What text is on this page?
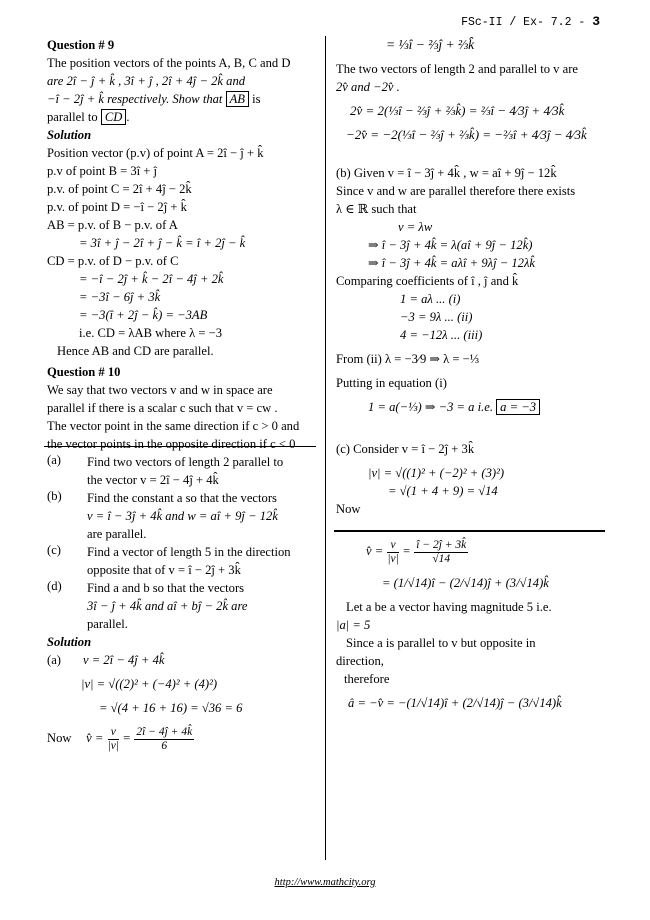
FSc-II / Ex- 7.2 - 3
Question # 9
The position vectors of the points A, B, C and D
are 2î − ĵ + k̂ , 3î + ĵ , 2î + 4ĵ − 2k̂ and
−î − 2ĵ + k̂ respectively. Show that AB is
parallel to CD .
Solution
Position vector (p.v) of point A = 2î − ĵ + k̂
p.v of point B = 3î + ĵ
p.v. of point C = 2î + 4ĵ − 2k̂
p.v. of point D = −î − 2ĵ + k̂
AB = p.v. of B − p.v. of A
= 3î + ĵ − 2î + ĵ − k̂ = î + 2ĵ − k̂
CD = p.v. of D − p.v. of C
= −î − 2ĵ + k̂ − 2î − 4ĵ + 2k̂
= −3î − 6ĵ + 3k̂
= −3(î + 2ĵ − k̂) = −3AB
i.e. CD = λAB where λ = −3
Hence AB and CD are parallel.
Question # 10
We say that two vectors v and w in space are
parallel if there is a scalar c such that v = cw .
The vector point in the same direction if c > 0 and
the vector points in the opposite direction if c < 0
(a)	Find two vectors of length 2 parallel to
the vector v = 2î − 4ĵ + 4k̂
(b)	Find the constant a so that the vectors
v = î − 3ĵ + 4k̂ and w = aî + 9ĵ − 12k̂
are parallel.
(c)	Find a vector of length 5 in the direction
opposite that of v = î − 2ĵ + 3k̂
(d)	Find a and b so that the vectors
3î − ĵ + 4k̂ and aî + bĵ − 2k̂ are
parallel.
Solution
(a) v = 2î − 4ĵ + 4k̂
|v| = √((2)² + (−4)² + (4)²)
= √(4 + 16 + 16) = √36 = 6
Now v̂ = $\frac{v}{|v|} = \frac{2î - 4ĵ + 4k̂}{6}$
= ⅓î − ⅔ĵ + ⅔k̂
The two vectors of length 2 and parallel to v are
2v̂ and −2v̂ .
2v̂ = 2(⅓î − ⅔ĵ + ⅔k̂) = ⅔î − 4⁄3ĵ + 4⁄3k̂
−2v̂ = −2(⅓î − ⅔ĵ + ⅔k̂) = −⅔î + 4⁄3ĵ − 4⁄3k̂
(b) Given v = î − 3ĵ + 4k̂ , w = aî + 9ĵ − 12k̂
Since v and w are parallel therefore there exists
λ ∈ ℝ such that
v = λw
⇒ î − 3ĵ + 4k̂ = λ(aî + 9ĵ − 12k̂)
⇒ î − 3ĵ + 4k̂ = aλî + 9λĵ − 12λk̂
Comparing coefficients of î , ĵ and k̂
1 = aλ ... (i)
−3 = 9λ ... (ii)
4 = −12λ ... (iii)
From (ii) λ = −3⁄9 ⇒ λ = −⅓
Putting in equation (i)
1 = a(−⅓) ⇒ −3 = a i.e. a = −3
(c) Consider v = î − 2ĵ + 3k̂
|v| = √((1)² + (−2)² + (3)²)
= √(1 + 4 + 9) = √14
Now
v̂ = $\frac{v}{|v|} = \frac{î - 2ĵ + 3k̂}{√14}$
= (1/√14)î − (2/√14)ĵ + (3/√14)k̂
Let a be a vector having magnitude 5 i.e.
|a| = 5
Since a is parallel to v but opposite in
direction,
therefore
â = −v̂ = −(1/√14)î + (2/√14)ĵ − (3/√14)k̂
http://www.mathcity.org
